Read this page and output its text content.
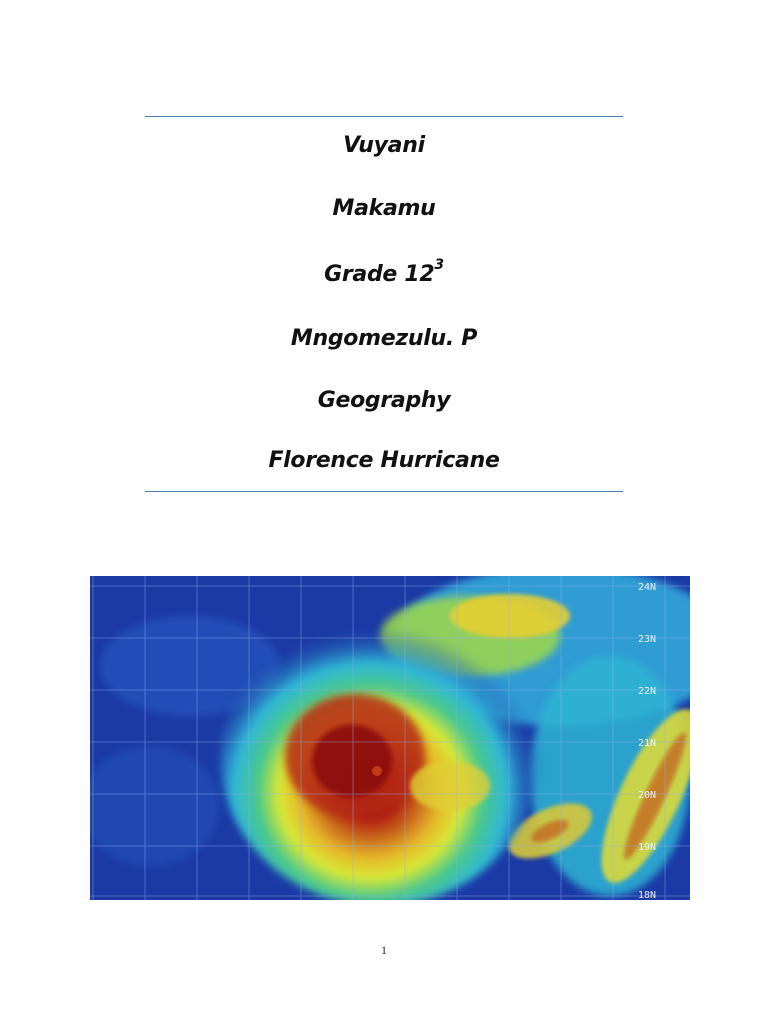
Vuyani
Makamu
Grade $12^3$
Mngomezulu. P
Geography
Florence Hurricane
24N
23N
22N
21N
20N
19N
18N
1
